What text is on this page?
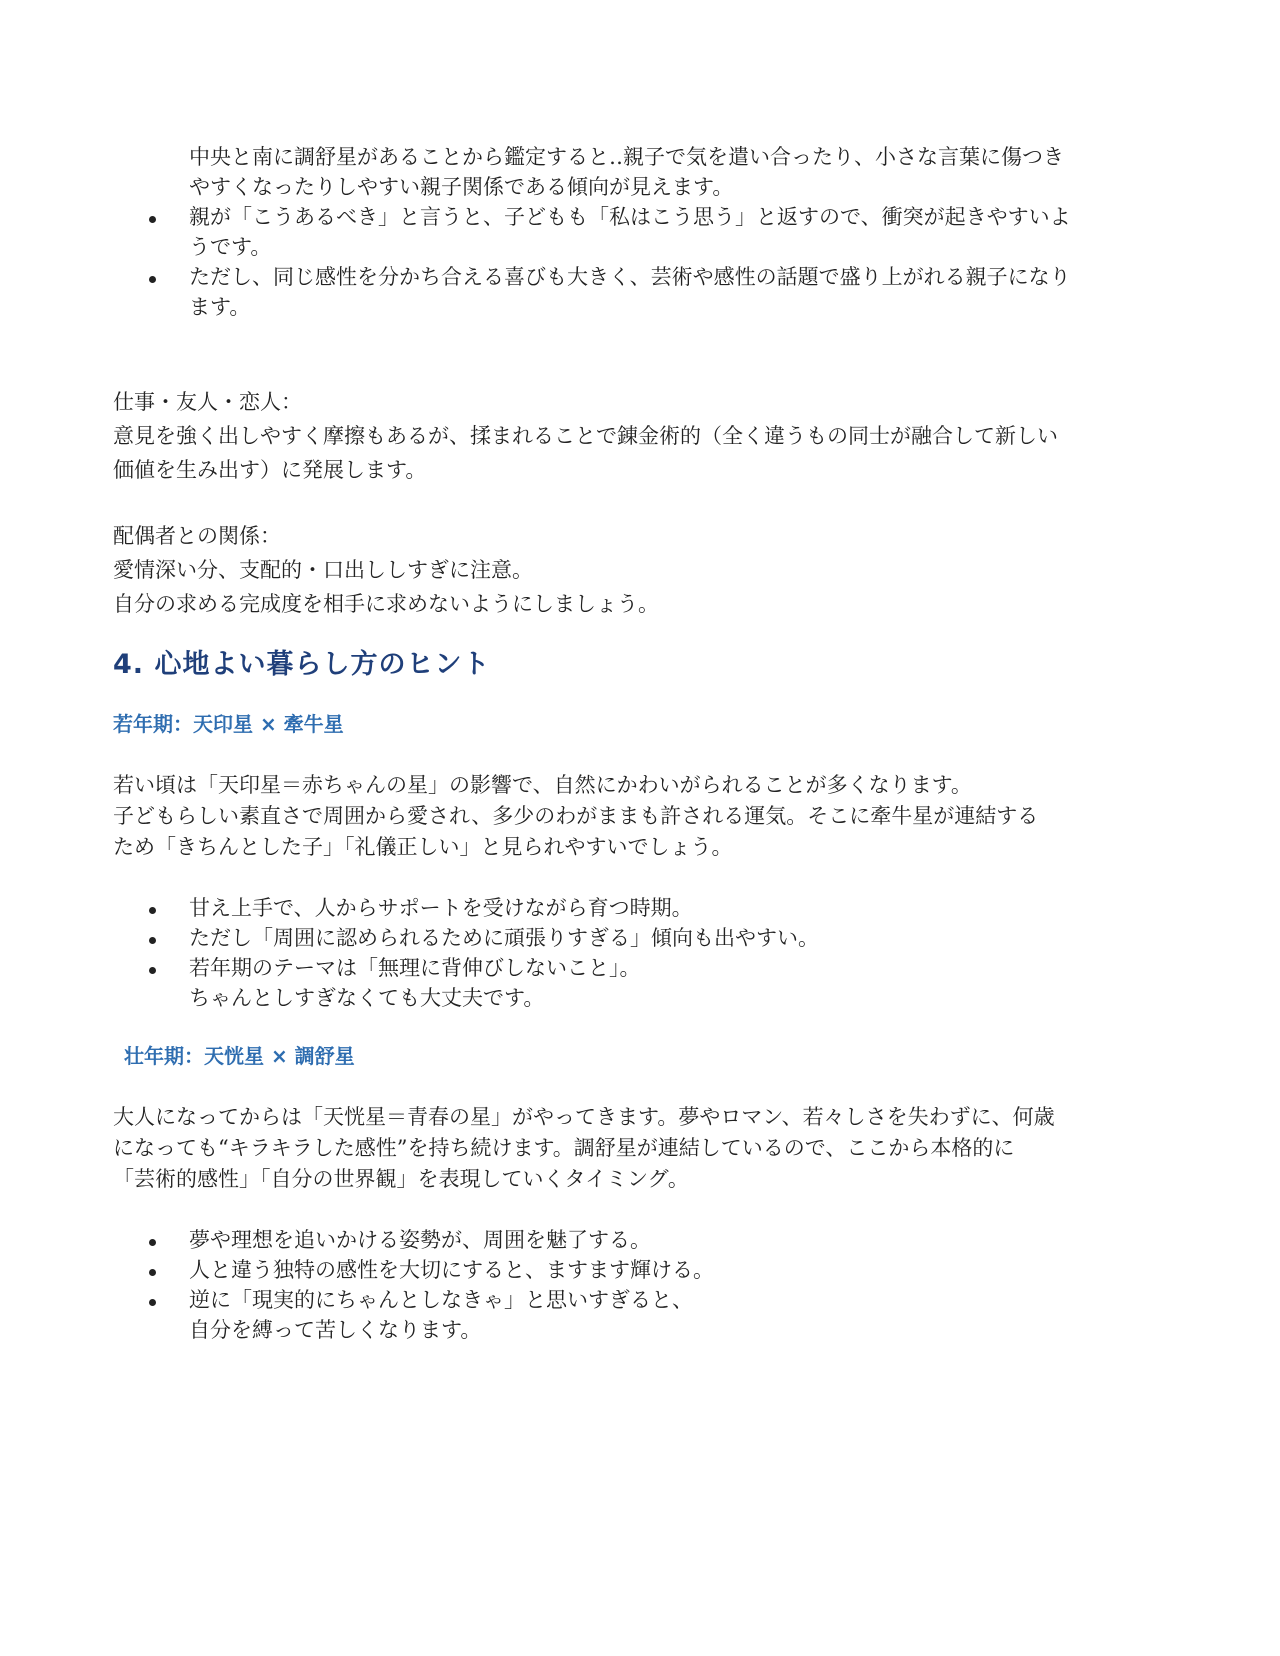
中央と南に調舒星があることから鑑定すると‥親子で気を遣い合ったり、小さな言葉に傷つき
やすくなったりしやすい親子関係である傾向が見えます。
親が「こうあるべき」と言うと、子どもも「私はこう思う」と返すので、衝突が起きやすいよ
うです。
ただし、同じ感性を分かち合える喜びも大きく、芸術や感性の話題で盛り上がれる親子になり
ます。
仕事・友人・恋人：
意見を強く出しやすく摩擦もあるが、揉まれることで錬金術的（全く違うもの同士が融合して新しい
価値を生み出す）に発展します。
配偶者との関係：
愛情深い分、支配的・口出ししすぎに注意。
自分の求める完成度を相手に求めないようにしましょう。
4. 心地よい暮らし方のヒント
若年期：天印星 × 牽牛星
若い頃は「天印星＝赤ちゃんの星」の影響で、自然にかわいがられることが多くなります。
子どもらしい素直さで周囲から愛され、多少のわがままも許される運気。そこに牽牛星が連結する
ため「きちんとした子」「礼儀正しい」と見られやすいでしょう。
甘え上手で、人からサポートを受けながら育つ時期。
ただし「周囲に認められるために頑張りすぎる」傾向も出やすい。
若年期のテーマは「無理に背伸びしないこと」。
ちゃんとしすぎなくても大丈夫です。
壮年期：天恍星 × 調舒星
大人になってからは「天恍星＝青春の星」がやってきます。夢やロマン、若々しさを失わずに、何歳
になっても“キラキラした感性”を持ち続けます。調舒星が連結しているので、ここから本格的に
「芸術的感性」「自分の世界観」を表現していくタイミング。
夢や理想を追いかける姿勢が、周囲を魅了する。
人と違う独特の感性を大切にすると、ますます輝ける。
逆に「現実的にちゃんとしなきゃ」と思いすぎると、
自分を縛って苦しくなります。
